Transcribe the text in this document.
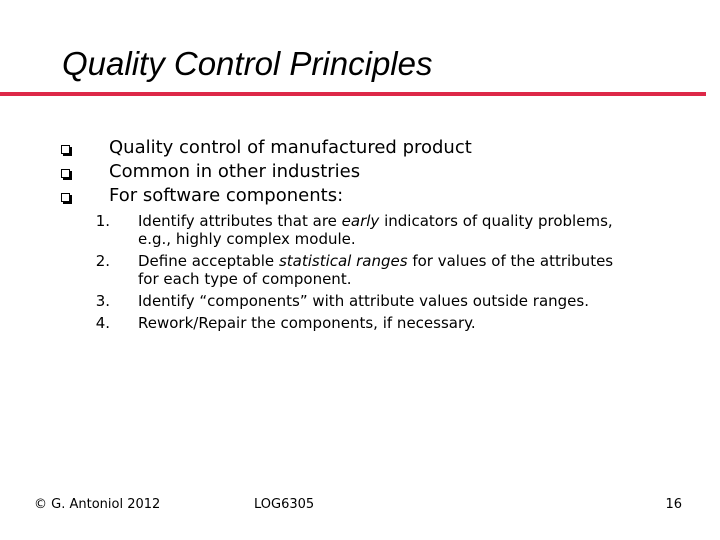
Quality Control Principles
Quality control of manufactured product
Common in other industries
For software components:
1. Identify attributes that are early indicators of quality problems,
e.g., highly complex module.
2. Define acceptable statistical ranges for values of the attributes
for each type of component.
3. Identify “components” with attribute values outside ranges.
4. Rework/Repair the components, if necessary.
© G. Antoniol 2012	LOG6305	16
